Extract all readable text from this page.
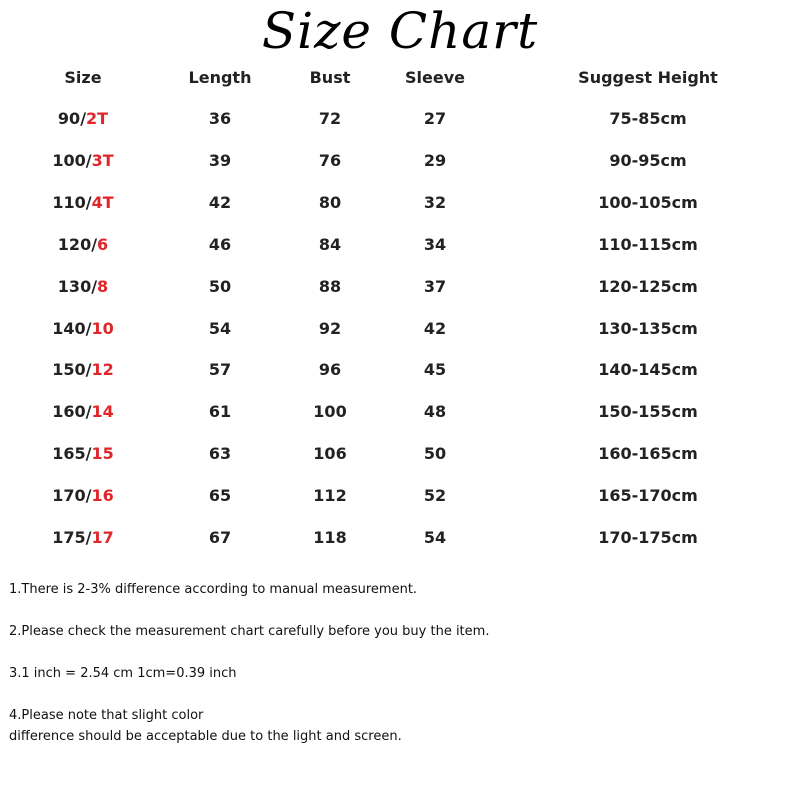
Size Chart
Size	Length	Bust	Sleeve	Suggest Height
90/2T	36	72	27	75-85cm
100/3T	39	76	29	90-95cm
110/4T	42	80	32	100-105cm
120/6	46	84	34	110-115cm
130/8	50	88	37	120-125cm
140/10	54	92	42	130-135cm
150/12	57	96	45	140-145cm
160/14	61	100	48	150-155cm
165/15	63	106	50	160-165cm
170/16	65	112	52	165-170cm
175/17	67	118	54	170-175cm
1.There is 2-3% difference according to manual measurement.
2.Please check the measurement chart carefully before you buy the item.
3.1 inch = 2.54 cm 1cm=0.39 inch
4.Please note that slight color
difference should be acceptable due to the light and screen.
